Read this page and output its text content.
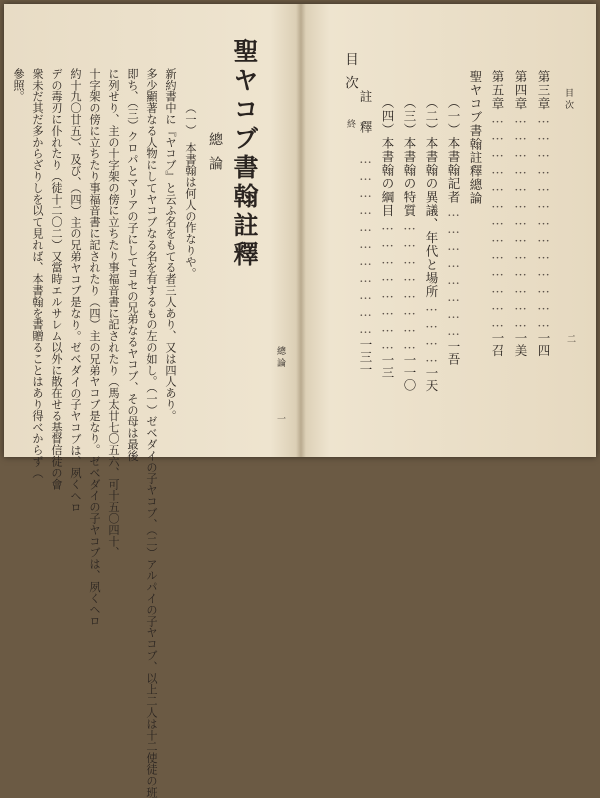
聖ヤコブ書翰註釋
總論
（一）　本書翰は何人の作なりや。
新約書中に『ヤコブ』と云ふ名をもてる者三人あり、又は四人あり。
多少顯著なる人物にしてヤコブなる名を有するもの左の如し。（一）ゼベダイの子ヤコブ、（二）アルパイの子ヤコブ、以上二人は十二使徒の班
即ち、（三）クロパとマリアの子にしてヨセの兄弟なるヤコブ、その母は最後
に列せり、主の十字架の傍に立ちたり事福音書に記されたり（馬太廿七〇五六、可十五〇四十、
十字架の傍に立ちたり事福音書に記されたり（四）主の兄弟ヤコブ是なり。ゼベダイの子ヤコブは、夙くヘロ
約十九〇廿五）、及び、（四）主の兄弟ヤコブ是なり。ゼベダイの子ヤコブは、夙くヘロ
デの毒刃に仆れたり（徒十二〇二）又當時エルサレム以外に散在せる基督信徒の會
衆未だ其だ多からざりしを以て見れば、本書翰を書贈ることはあり得べからず（
參照。
總論
一
目次
終
目次
二
第三章…………………………………一四
第四章…………………………………一美
第五章…………………………………一召
聖ヤコブ書翰註釋總論
（一）本書翰記者……………………一吾
（二）本書翰の異議、年代と場所…………一天
（三）本書翰の特質……………………一一〇
（四）本書翰の綱目……………………一三
註釋……………………………一三一
